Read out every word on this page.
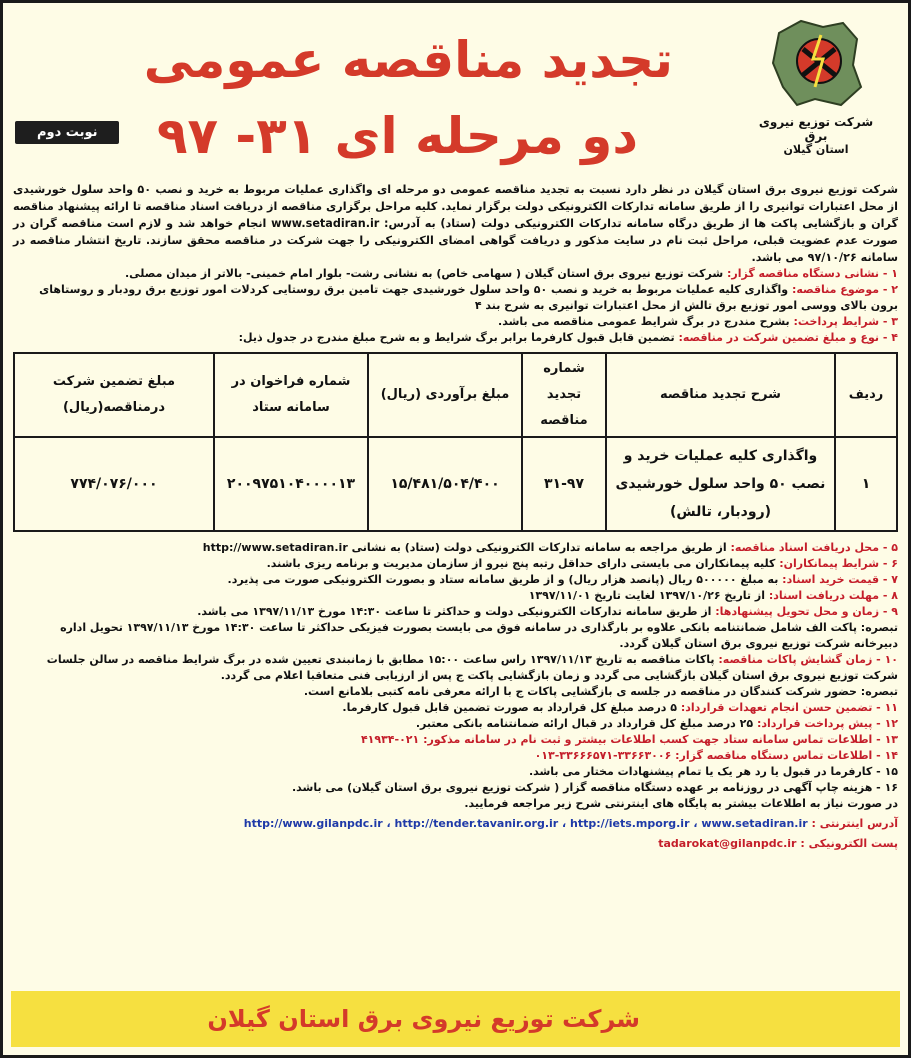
شرکت توزیع نیروی برق
استان گیلان
تجدید مناقصه عمومی
دو مرحله ای ۳۱- ۹۷
نوبت دوم

شرکت توزیع نیروی برق استان گیلان در نظر دارد نسبت به تجدید مناقصه عمومی دو مرحله ای واگذاری عملیات مربوط به خرید و نصب ۵۰ واحد سلول خورشیدی از محل اعتبارات توانیری را از طریق سامانه تدارکات الکترونیکی دولت برگزار نماید. کلیه مراحل برگزاری مناقصه از دریافت اسناد مناقصه تا ارائه پیشنهاد مناقصه گران و بازگشایی پاکت ها از طریق درگاه سامانه تدارکات الکترونیکی دولت (ستاد) به آدرس: www.setadiran.ir انجام خواهد شد و لازم است مناقصه گران در صورت عدم عضویت قبلی، مراحل ثبت نام در سایت مذکور و دریافت گواهی امضای الکترونیکی را جهت شرکت در مناقصه محقق سازند. تاریخ انتشار مناقصه در سامانه ۹۷/۱۰/۲۶ می باشد.

۱ - نشانی دستگاه مناقصه گزار: شرکت توزیع نیروی برق استان گیلان ( سهامی خاص) به نشانی رشت- بلوار امام خمینی- بالاتر از میدان مصلی.

۲ - موضوع مناقصه: واگذاری کلیه عملیات مربوط به خرید و نصب ۵۰ واحد سلول خورشیدی جهت تامین برق روستایی کردلات امور توزیع برق رودبار و روستاهای برون بالای ووسی امور توزیع برق تالش از محل اعتبارات توانیری به شرح بند ۴

۳ - شرایط پرداخت: بشرح مندرج در برگ شرایط عمومی مناقصه می باشد.

۴ - نوع و مبلغ تضمین شرکت در مناقصه: تضمین قابل قبول کارفرما برابر برگ شرایط و به شرح مبلغ مندرج در جدول ذیل:

ردیف	شرح تجدید مناقصه	شماره تجدید مناقصه	مبلغ برآوردی (ریال)	شماره فراخوان در سامانه ستاد	مبلغ تضمین شرکت درمناقصه(ریال)
۱	واگذاری کلیه عملیات خرید و نصب ۵۰ واحد سلول خورشیدی (رودبار، تالش)	۳۱-۹۷	۱۵/۴۸۱/۵۰۴/۴۰۰	۲۰۰۹۷۵۱۰۴۰۰۰۰۱۳	۷۷۴/۰۷۶/۰۰۰

۵ - محل دریافت اسناد مناقصه: از طریق مراجعه به سامانه تدارکات الکترونیکی دولت (ستاد) به نشانی http://www.setadiran.ir

۶ - شرایط پیمانکاران: کلیه پیمانکاران می بایستی دارای حداقل رتبه پنج نیرو از سازمان مدیریت و برنامه ریزی باشند.

۷ - قیمت خرید اسناد: به مبلغ ۵۰۰۰۰۰ ریال (پانصد هزار ریال) و از طریق سامانه ستاد و بصورت الکترونیکی صورت می پذیرد.

۸ - مهلت دریافت اسناد: از تاریخ ۱۳۹۷/۱۰/۲۶ لغایت تاریخ ۱۳۹۷/۱۱/۰۱

۹ - زمان و محل تحویل پیشنهادها: از طریق سامانه تدارکات الکترونیکی دولت و حداکثر تا ساعت ۱۴:۳۰ مورخ ۱۳۹۷/۱۱/۱۳ می باشد.

تبصره: پاکت الف شامل ضمانتنامه بانکی علاوه بر بارگذاری در سامانه فوق می بایست بصورت فیزیکی حداکثر تا ساعت ۱۴:۳۰ مورخ ۱۳۹۷/۱۱/۱۳ تحویل اداره دبیرخانه شرکت توزیع نیروی برق استان گیلان گردد.

۱۰ - زمان گشایش پاکات مناقصه: پاکات مناقصه به تاریخ ۱۳۹۷/۱۱/۱۳ راس ساعت ۱۵:۰۰ مطابق با زمانبندی تعیین شده در برگ شرایط مناقصه در سالن جلسات شرکت توزیع نیروی برق استان گیلان بازگشایی می گردد و زمان بازگشایی پاکت ج پس از ارزیابی فنی متعاقبا اعلام می گردد.

تبصره: حضور شرکت کنندگان در مناقصه در جلسه ی بازگشایی پاکات ج با ارائه معرفی نامه کتبی بلامانع است.

۱۱ - تضمین حسن انجام تعهدات قرارداد: ۵ درصد مبلغ کل قرارداد به صورت تضمین قابل قبول کارفرما.

۱۲ - پیش پرداخت قرارداد: ۲۵ درصد مبلغ کل قرارداد در قبال ارائه ضمانتنامه بانکی معتبر.

۱۳ - اطلاعات تماس سامانه ستاد جهت کسب اطلاعات بیشتر و ثبت نام در سامانه مذکور: ۰۲۱-۴۱۹۳۴

۱۴ - اطلاعات تماس دستگاه مناقصه گزار: ۳۳۶۶۳۰۰۶-۳۳۶۶۶۵۷۱-۰۱۳

۱۵ - کارفرما در قبول یا رد هر یک یا تمام پیشنهادات مختار می باشد.

۱۶ - هزینه چاپ آگهی در روزنامه بر عهده دستگاه مناقصه گزار ( شرکت توزیع نیروی برق استان گیلان) می باشد.

در صورت نیاز به اطلاعات بیشتر به پایگاه های اینترنتی شرح زیر مراجعه فرمایید.

آدرس اینترنتی : http://www.gilanpdc.ir ، http://tender.tavanir.org.ir ، http://iets.mporg.ir ، www.setadiran.ir

پست الکترونیکی : tadarokat@gilanpdc.ir

شرکت توزیع نیروی برق استان گیلان
